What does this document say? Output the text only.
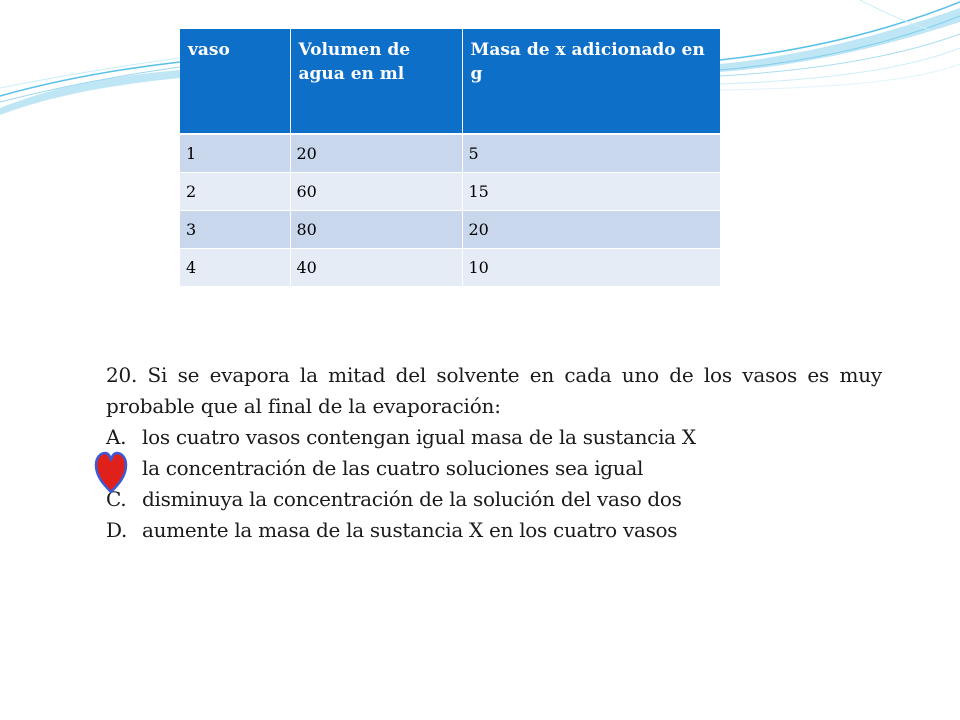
vaso	Volumen de agua en ml	Masa de x adicionado en g
1	20	5
2	60	15
3	80	20
4	40	10

20. Si se evapora la mitad del solvente en cada uno de los vasos es muy probable que al final de la evaporación:

A. los cuatro vasos contengan igual masa de la sustancia X
la concentración de las cuatro soluciones sea igual
C. disminuya la concentración de la solución del vaso dos
D. aumente la masa de la sustancia X en los cuatro vasos
